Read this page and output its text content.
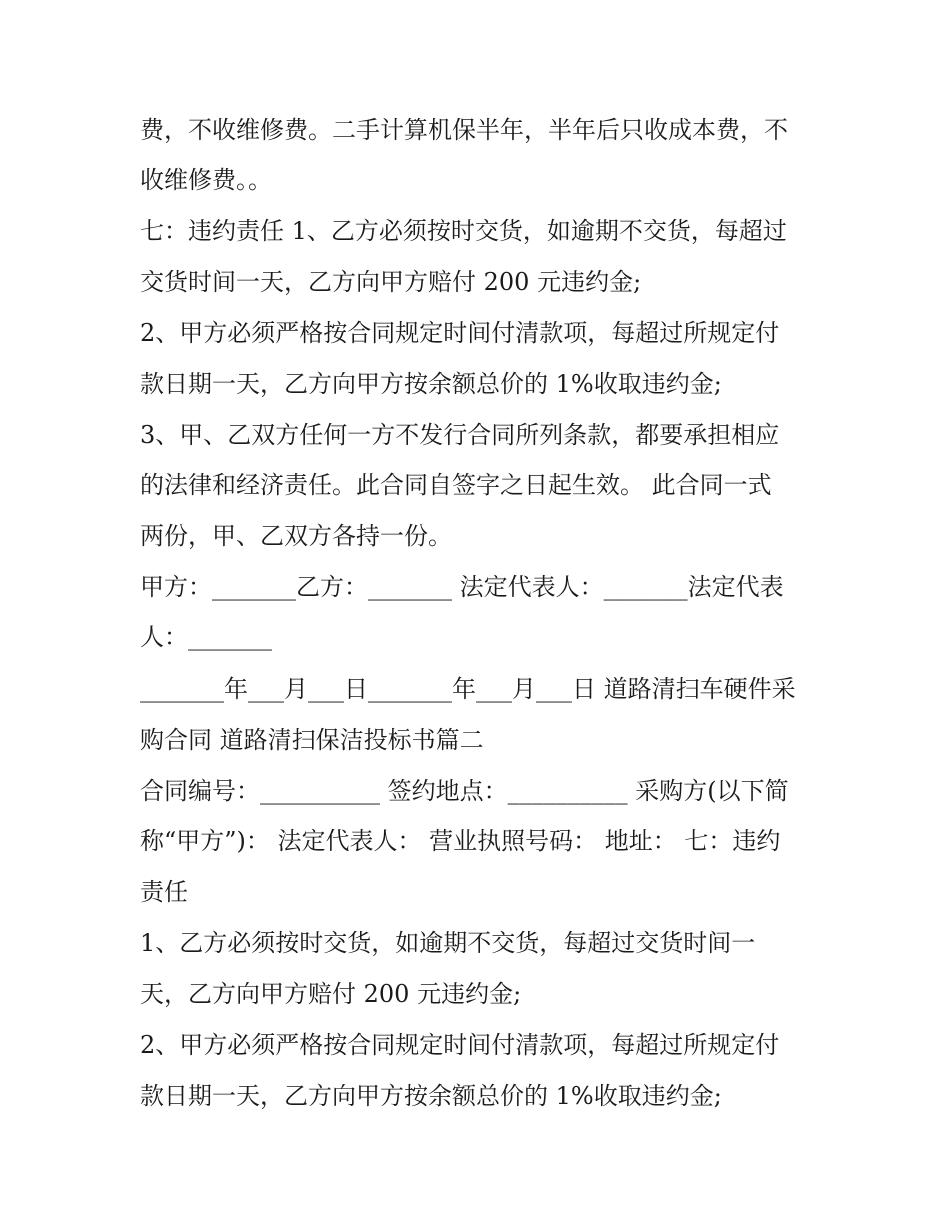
费，不收维修费。二手计算机保半年，半年后只收成本费，不
收维修费。。
七：违约责任 1、乙方必须按时交货，如逾期不交货，每超过
交货时间一天，乙方向甲方赔付 200 元违约金;
2、甲方必须严格按合同规定时间付清款项，每超过所规定付
款日期一天，乙方向甲方按余额总价的 1%收取违约金;
3、甲、乙双方任何一方不发行合同所列条款，都要承担相应
的法律和经济责任。此合同自签字之日起生效。 此合同一式
两份，甲、乙双方各持一份。
甲方：_______乙方：_______ 法定代表人：_______法定代表
人：_______
_______年___月___日_______年___月___日 道路清扫车硬件采
购合同 道路清扫保洁投标书篇二
合同编号：__________ 签约地点：__________ 采购方(以下简
称“甲方”)： 法定代表人： 营业执照号码： 地址： 七：违约
责任
1、乙方必须按时交货，如逾期不交货，每超过交货时间一
天，乙方向甲方赔付 200 元违约金;
2、甲方必须严格按合同规定时间付清款项，每超过所规定付
款日期一天，乙方向甲方按余额总价的 1%收取违约金;
